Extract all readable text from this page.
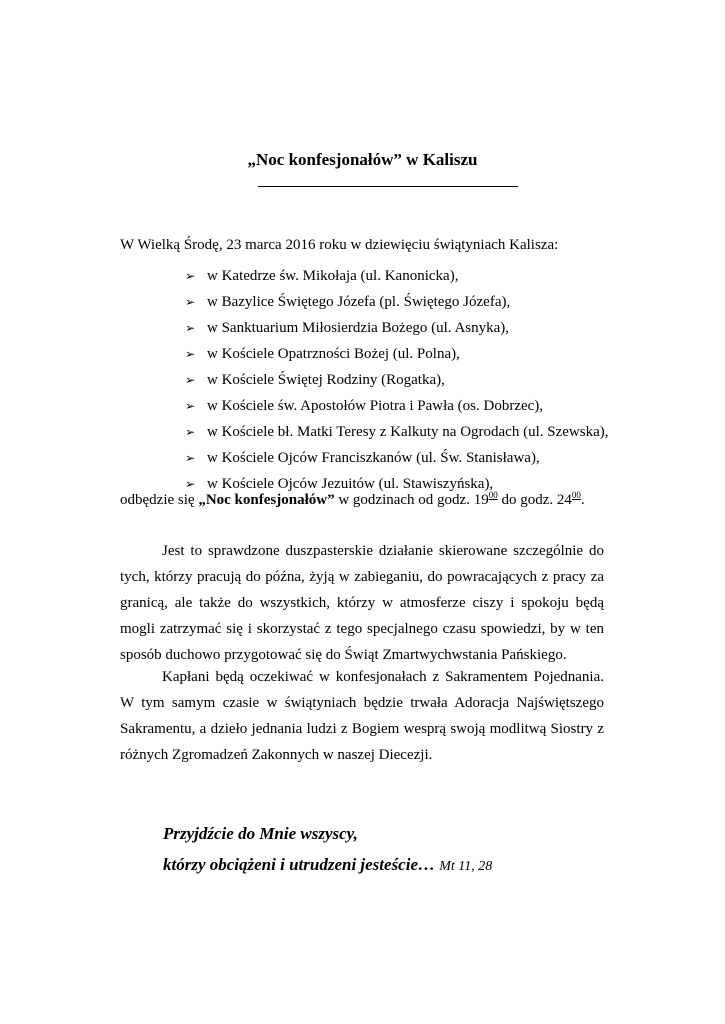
„Noc konfesjonałów” w Kaliszu
W Wielką Środę, 23 marca 2016 roku w dziewięciu świątyniach Kalisza:
➢ w Katedrze św. Mikołaja (ul. Kanonicka),
➢ w Bazylice Świętego Józefa (pl. Świętego Józefa),
➢ w Sanktuarium Miłosierdzia Bożego (ul. Asnyka),
➢ w Kościele Opatrzności Bożej (ul. Polna),
➢ w Kościele Świętej Rodziny (Rogatka),
➢ w Kościele św. Apostołów Piotra i Pawła (os. Dobrzec),
➢ w Kościele bł. Matki Teresy z Kalkuty na Ogrodach (ul. Szewska),
➢ w Kościele Ojców Franciszkanów (ul. Św. Stanisława),
➢ w Kościele Ojców Jezuitów (ul. Stawiszyńska),
odbędzie się „Noc konfesjonałów” w godzinach od godz. $19^{00}$ do godz. $24^{00}$.

Jest to sprawdzone duszpasterskie działanie skierowane szczególnie do tych, którzy pracują do późna, żyją w zabieganiu, do powracających z pracy za granicą, ale także do wszystkich, którzy w atmosferze ciszy i spokoju będą mogli zatrzymać się i skorzystać z tego specjalnego czasu spowiedzi, by w ten sposób duchowo przygotować się do Świąt Zmartwychwstania Pańskiego.

Kapłani będą oczekiwać w konfesjonałach z Sakramentem Pojednania. W tym samym czasie w świątyniach będzie trwała Adoracja Najświętszego Sakramentu, a dzieło jednania ludzi z Bogiem wesprą swoją modlitwą Siostry z różnych Zgromadzeń Zakonnych w naszej Diecezji.

Przyjdźcie do Mnie wszyscy,
którzy obciążeni i utrudzeni jesteście… Mt 11, 28
